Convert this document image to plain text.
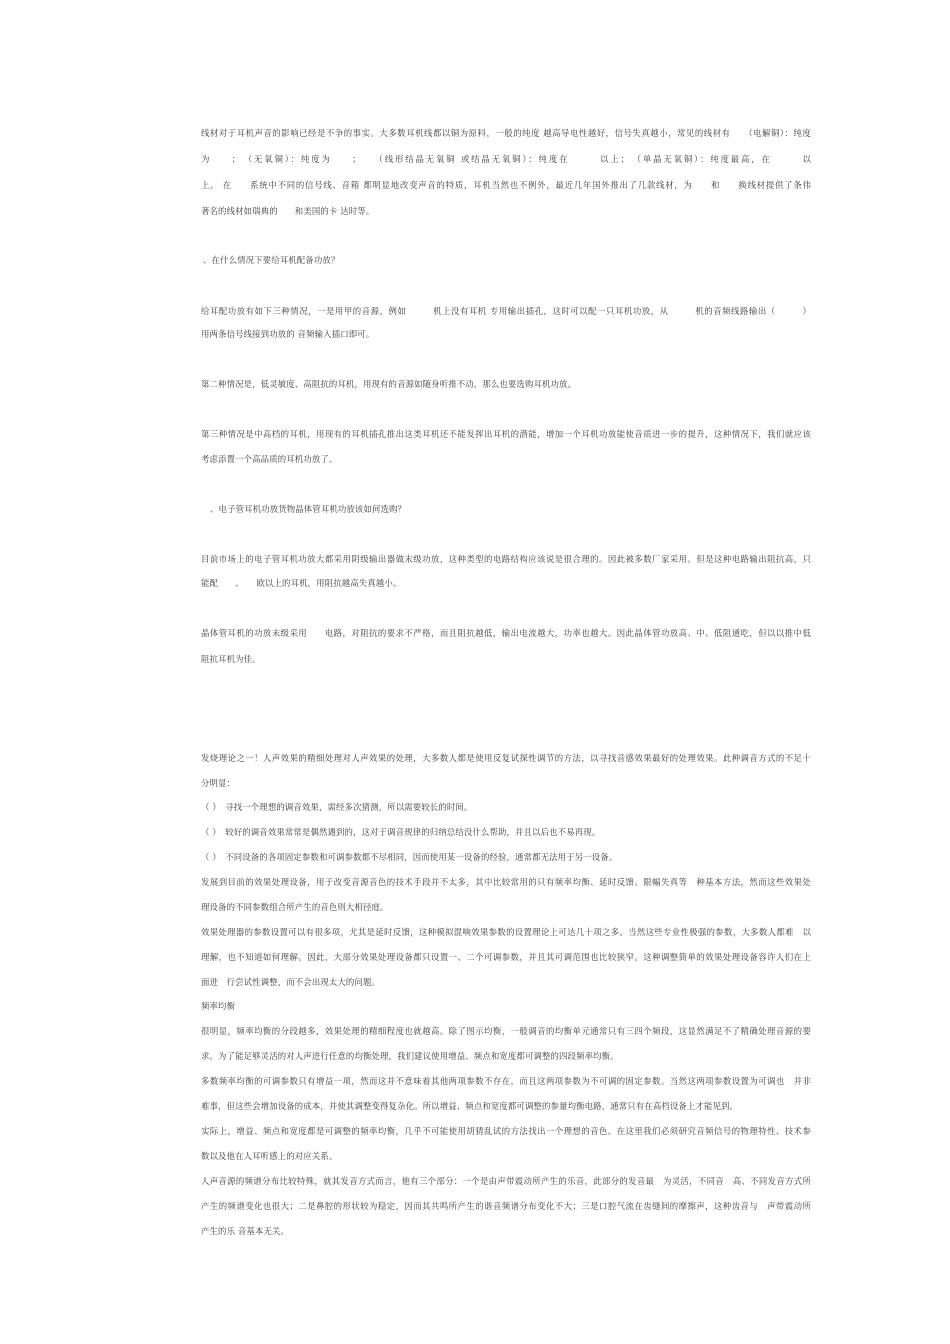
线材对于耳机声音的影响已经是不争的事实。大多数耳机线都以铜为原料，一般的纯度 越高导电性越好，信号失真越小，常见的线材有　　（电解铜）：纯度
为　　；　（无氧铜）：纯度为　　；　　（线形结晶无氧铜 或结晶无氧铜）：纯度在　　　以上；　（单晶无氧铜）：纯度最高，在　　　以
上。 在　　系统中不同的信号线、音箱 都明显地改变声音的特质，耳机当然也不例外，最近几年国外推出了几款线材，为　　和　　换线材提供了条伟
著名的线材如瑞典的　　和美国的卡 达时等。
、在什么情况下要给耳机配备功放？
给耳配功放有如下三种情况，一是用甲的音源，例如　　　机上没有耳机 专用输出插孔，这时可以配一只耳机功放，从　　　机的音频线路输出（　　　）
用两条信号线接到功放的 音频输入插口即可。
第二种情况是，低灵敏度、高阻抗的耳机，用现有的音源如随身听推不动，那么也要选购耳机功放。
第三种情况是中高档的耳机，用现有的耳机插孔推出这类耳机还不能发挥出耳机的潜能，增加一个耳机功放能使音质进一步的提升，这种情况下，我们就应该
考虑添置一个高品质的耳机功放了。
、电子管耳机功放货物晶体管耳机功放该如何选购？
目前市场上的电子管耳机功放大都采用阴级输出器做末级功放，这种类型的电路结构应该说是很合理的。因此被多数厂家采用。但是这种电路输出阻抗高，只
能配　　、　　欧以上的耳机，用阻抗越高失真越小。
晶体管耳机的功放末级采用　　电路，对阻抗的要求不严格，而且阻抗越低，输出电流越大，功率也越大。因此晶体管功放高、中、低阻通吃，但以以推中低
阻抗耳机为佳。
发烧理论之一！人声效果的精细处理对人声效果的处理，大多数人都是使用反复试探性调节的方法，以寻找音感效果最好的处理效果。此种调音方式的不足十
分明显：
（ ）　寻找一个理想的调音效果，需经多次猜测，所以需要较长的时间。
（ ）　较好的调音效果常常是偶然遇到的，这对于调音规律的归纳总结没什么帮助，并且以后也不易再现。
（ ）　不同设备的各项固定参数和可调参数都不尽相同，因而使用某一设备的经验，通常都无法用于另一设备。
发展到目前的效果处理设备，用于改变音源音色的技术手段并不太多，其中比较常用的只有频率均衡、延时反馈、限幅失真等　种基本方法，然而这些效果处
理设备的不同参数组合所产生的音色则大相径庭。
效果处理器的参数设置可以有很多项，尤其是延时反馈，这种模拟混响效果参数的设置理论上可达几十项之多。当然这些专业性极强的参数，大多数人都难　以
理解，也不知道如何理解。因此，大部分效果处理设备都只设置一、二个可调参数，并且其可调范围也比较狭窄。这种调整简单的效果处理设备容许人们在上
面进　行尝试性调整，而不会出现太大的问题。
频率均衡
很明显，频率均衡的分段越多，效果处理的精细程度也就越高。除了图示均衡，一般调音的均衡单元通常只有三四个频段，这显然满足不了精确处理音源的要
求。为了能足够灵活的对人声进行任意的均衡处理，我们建议使用增益、频点和宽度都可调整的四段频率均衡。
多数频率均衡的可调参数只有增益一项，然而这并不意味着其他两项参数不存在，而且这两项参数为不可调的固定参数。当然这两项参数设置为可调也　并非
难事，但这些会增加设备的成本，并使其调整变得复杂化。所以增益、频点和宽度都可调整的参量均衡电路，通常只有在高档设备上才能见到。
实际上，增益、频点和宽度都是可调整的频率均衡，几乎不可能使用胡猜乱试的方法找出一个理想的音色。在这里我们必须研究音频信号的物理特性、技术参
数以及他在人耳听感上的对应关系。
人声音源的频谱分布比较特殊，就其发音方式而言，他有三个部分：一个是由声带震动所产生的乐音，此部分的发音最　为灵活，不同音　高、不同发音方式所
产生的频谱变化也很大；二是鼻腔的形状较为稳定，因而其共鸣所产生的谐音频谱分布变化不大；三是口腔气流在齿缝间的摩擦声，这种齿音与　声带震动所
产生的乐 音基本无关。
